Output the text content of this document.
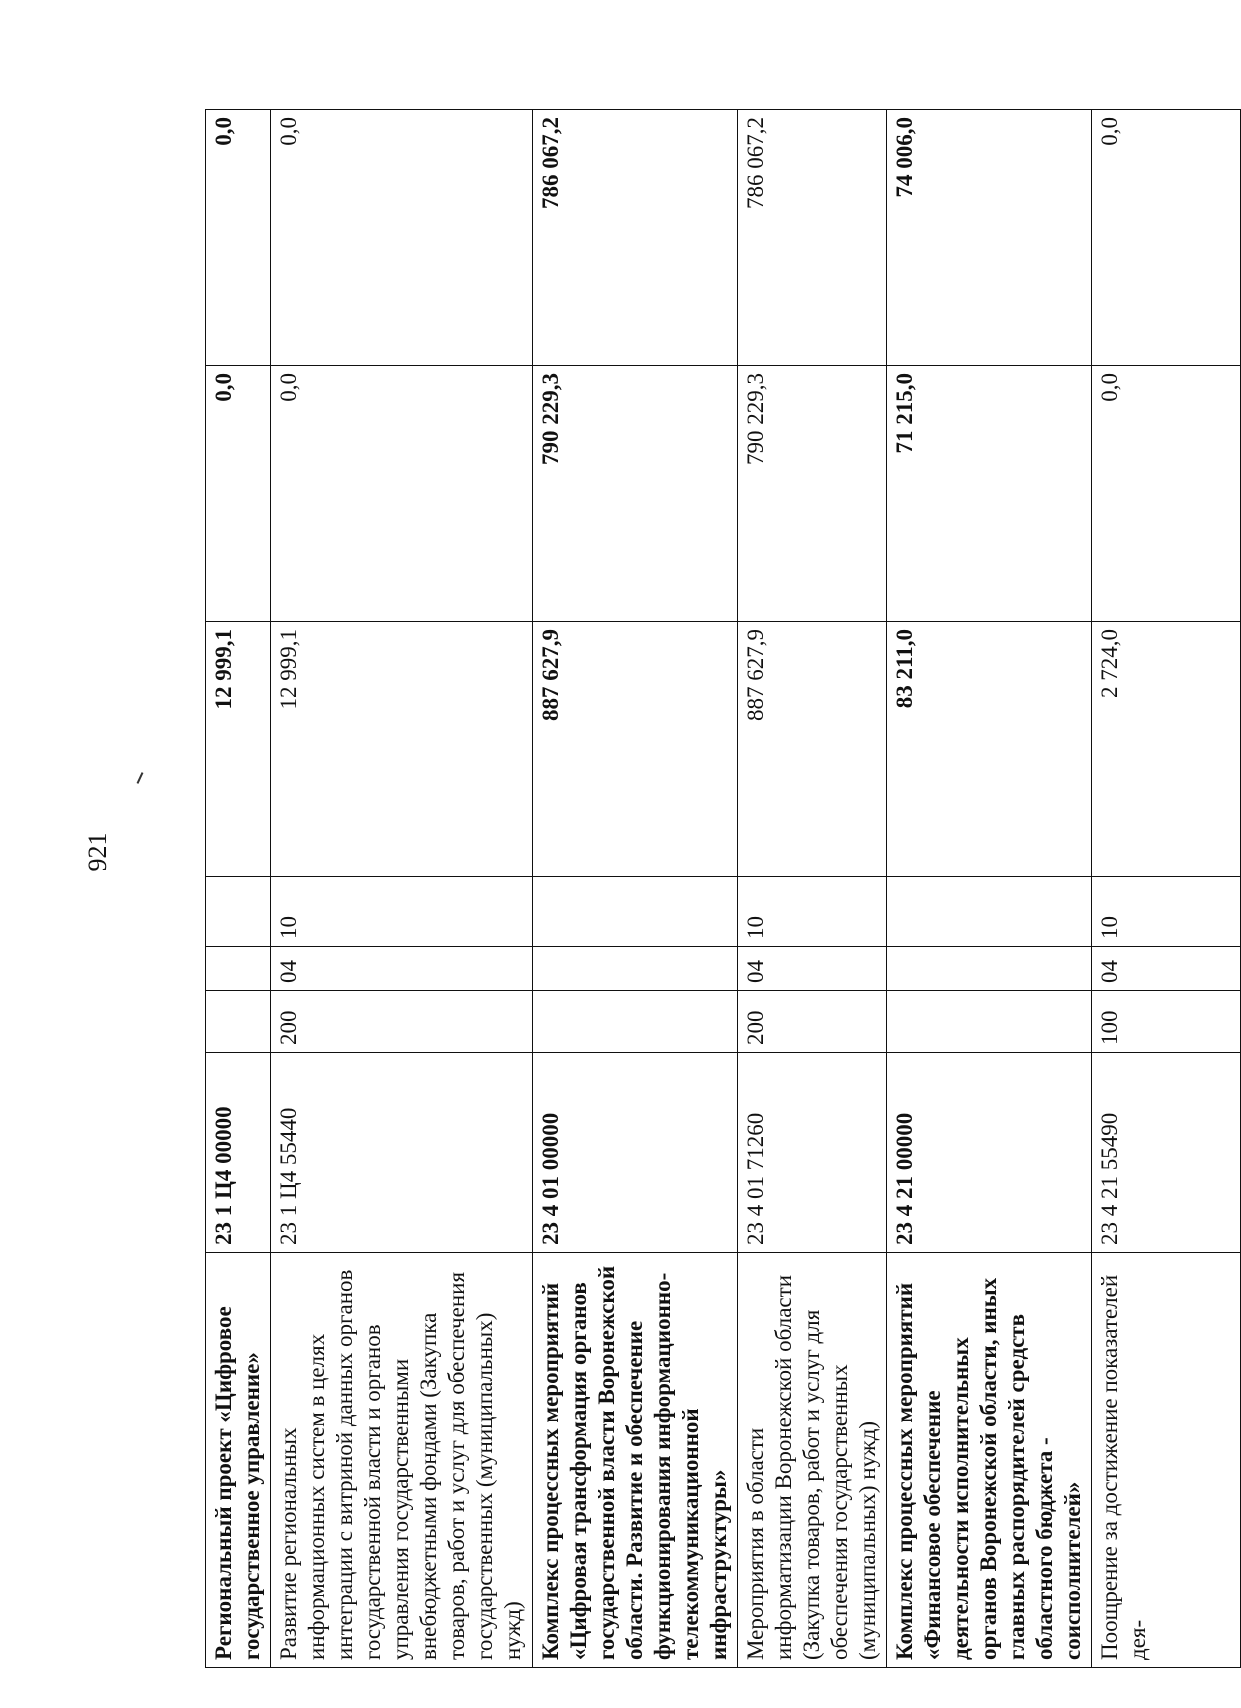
921
Региональный проект «Цифровое государственное управление»	23 1 Ц4 00000				12 999,1	0,0	0,0
Развитие региональных информационных систем в целях интеграции с витриной данных органов государственной власти и органов управления государственными внебюджетными фондами (Закупка товаров, работ и услуг для обеспечения государственных (муниципальных) нужд)	23 1 Ц4 55440	200	04	10	12 999,1	0,0	0,0
Комплекс процессных мероприятий «Цифровая трансформация органов государственной власти Воронежской области. Развитие и обеспечение функционирования информационно-телекоммуникационной инфраструктуры»	23 4 01 00000				887 627,9	790 229,3	786 067,2
Мероприятия в области информатизации Воронежской области (Закупка товаров, работ и услуг для обеспечения государственных (муниципальных) нужд)	23 4 01 71260	200	04	10	887 627,9	790 229,3	786 067,2
Комплекс процессных мероприятий «Финансовое обеспечение деятельности исполнительных органов Воронежской области, иных главных распорядителей средств областного бюджета - соисполнителей»	23 4 21 00000				83 211,0	71 215,0	74 006,0
Поощрение за достижение показателей дея-	23 4 21 55490	100	04	10	2 724,0	0,0	0,0
